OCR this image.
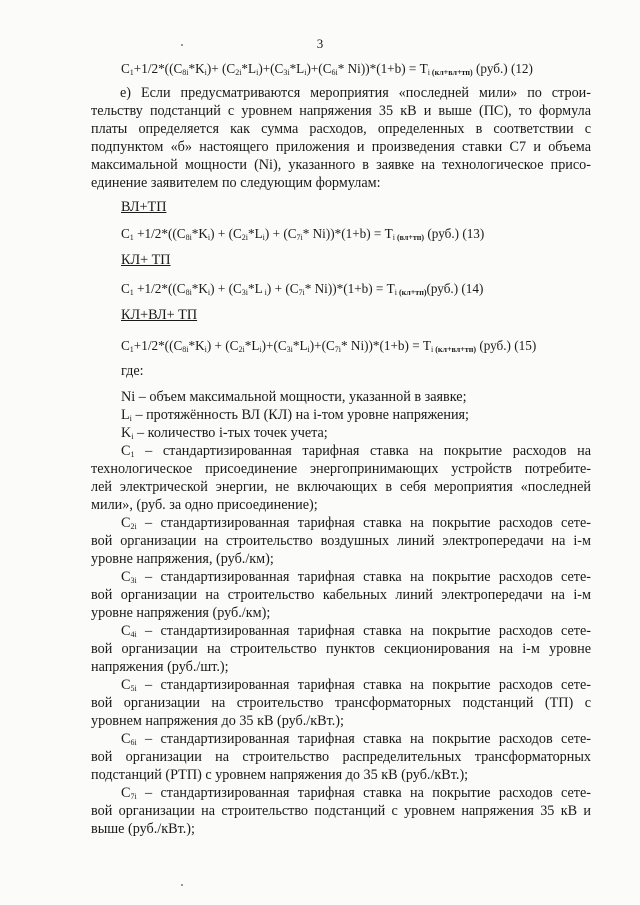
3
$С_1+1/2*((С_{8i}*K_i)+ (С_{2i}*L_i)+(С_{3i}*L_i)+(С_{6i}*$ $Ni))*(1+b) = Т_i$ $_{(кл+вл+тп)}$ (руб.) (12)
е) Если предусматриваются мероприятия «последней мили» по строи-
тельству подстанций с уровнем напряжения 35 кВ и выше (ПС), то формула
платы определяется как сумма расходов, определенных в соответствии с
подпунктом «б» настоящего приложения и произведения ставки С7 и объема
максимальной мощности (Ni), указанного в заявке на технологическое присо-
единение заявителем по следующим формулам:
ВЛ+ТП
$С_1 +1/2*((С_{8i}*K_i) + (С_{2i}*L_i) + (С_{7i}*$ $Ni))*(1+b) = Т_i$ $_{(вл+тп)}$ (руб.) (13)
КЛ+ ТП
$С_1 +1/2*((С_{8i}*K_i) + (С_{3i}*L$ $_i) + (С_{7i}*$ $Ni))*(1+b) = Т_i$ $_{(кл+тп)}$(руб.) (14)
КЛ+ВЛ+ ТП
$С_1+1/2*((С_{8i}*K_i) + (С_{2i}*L_i)+(С_{3i}*L_i)+(С_{7i}*$ $Ni))*(1+b) = Т_i$ $_{(кл+вл+тп)}$ (руб.) (15)
где:
Ni – объем максимальной мощности, указанной в заявке;
$L_i$ – протяжённость ВЛ (КЛ) на i-том уровне напряжения;
$K_i$ – количество i-тых точек учета;
$С_1$ – стандартизированная тарифная ставка на покрытие расходов на
технологическое присоединение энергопринимающих устройств потребите-
лей электрической энергии, не включающих в себя мероприятия «последней
мили», (руб. за одно присоединение);
$С_{2i}$ – стандартизированная тарифная ставка на покрытие расходов сете-
вой организации на строительство воздушных линий электропередачи на i-м
уровне напряжения, (руб./км);
$С_{3i}$ – стандартизированная тарифная ставка на покрытие расходов сете-
вой организации на строительство кабельных линий электропередачи на i-м
уровне напряжения (руб./км);
$С_{4i}$ – стандартизированная тарифная ставка на покрытие расходов сете-
вой организации на строительство пунктов секционирования на i-м уровне
напряжения (руб./шт.);
$С_{5i}$ – стандартизированная тарифная ставка на покрытие расходов сете-
вой организации на строительство трансформаторных подстанций (ТП) с
уровнем напряжения до 35 кВ (руб./кВт.);
$С_{6i}$ – стандартизированная тарифная ставка на покрытие расходов сете-
вой организации на строительство распределительных трансформаторных
подстанций (РТП) с уровнем напряжения до 35 кВ (руб./кВт.);
$С_{7i}$ – стандартизированная тарифная ставка на покрытие расходов сете-
вой организации на строительство подстанций с уровнем напряжения 35 кВ и
выше (руб./кВт.);
